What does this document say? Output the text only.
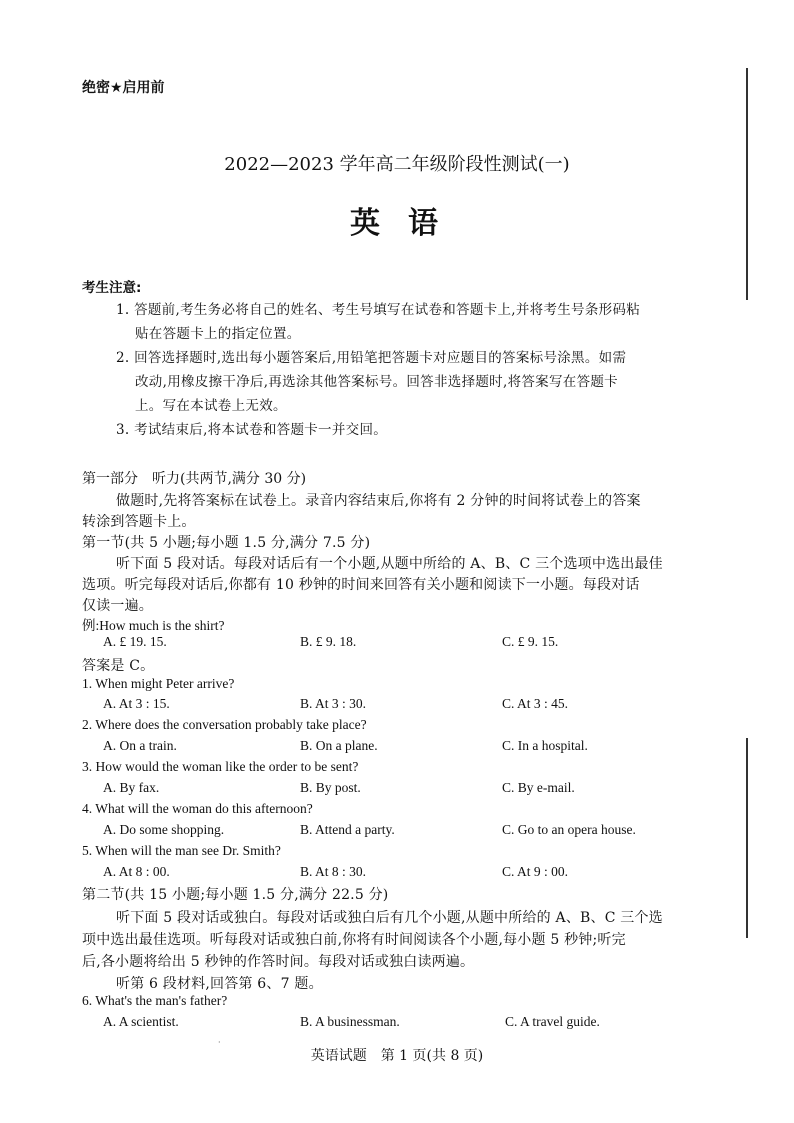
绝密★启用前
2022—2023 学年高二年级阶段性测试(一)
英语
考生注意:
1. 答题前,考生务必将自己的姓名、考生号填写在试卷和答题卡上,并将考生号条形码粘
贴在答题卡上的指定位置。
2. 回答选择题时,选出每小题答案后,用铅笔把答题卡对应题目的答案标号涂黑。如需
改动,用橡皮擦干净后,再选涂其他答案标号。回答非选择题时,将答案写在答题卡
上。写在本试卷上无效。
3. 考试结束后,将本试卷和答题卡一并交回。
第一部分　听力(共两节,满分 30 分)
做题时,先将答案标在试卷上。录音内容结束后,你将有 2 分钟的时间将试卷上的答案
转涂到答题卡上。
第一节(共 5 小题;每小题 1.5 分,满分 7.5 分)
听下面 5 段对话。每段对话后有一个小题,从题中所给的 A、B、C 三个选项中选出最佳
选项。听完每段对话后,你都有 10 秒钟的时间来回答有关小题和阅读下一小题。每段对话
仅读一遍。
例:How much is the shirt?
A. £ 19. 15.	B. £ 9. 18.	C. £ 9. 15.
答案是 C。
1. When might Peter arrive?
A. At 3 : 15.	B. At 3 : 30.	C. At 3 : 45.
2. Where does the conversation probably take place?
A. On a train.	B. On a plane.	C. In a hospital.
3. How would the woman like the order to be sent?
A. By fax.	B. By post.	C. By e-mail.
4. What will the woman do this afternoon?
A. Do some shopping.	B. Attend a party.	C. Go to an opera house.
5. When will the man see Dr. Smith?
A. At 8 : 00.	B. At 8 : 30.	C. At 9 : 00.
第二节(共 15 小题;每小题 1.5 分,满分 22.5 分)
听下面 5 段对话或独白。每段对话或独白后有几个小题,从题中所给的 A、B、C 三个选
项中选出最佳选项。听每段对话或独白前,你将有时间阅读各个小题,每小题 5 秒钟;听完
后,各小题将给出 5 秒钟的作答时间。每段对话或独白读两遍。
听第 6 段材料,回答第 6、7 题。
6. What's the man's father?
A. A scientist.	B. A businessman.	C. A travel guide.
·
英语试题　第 1 页(共 8 页)
